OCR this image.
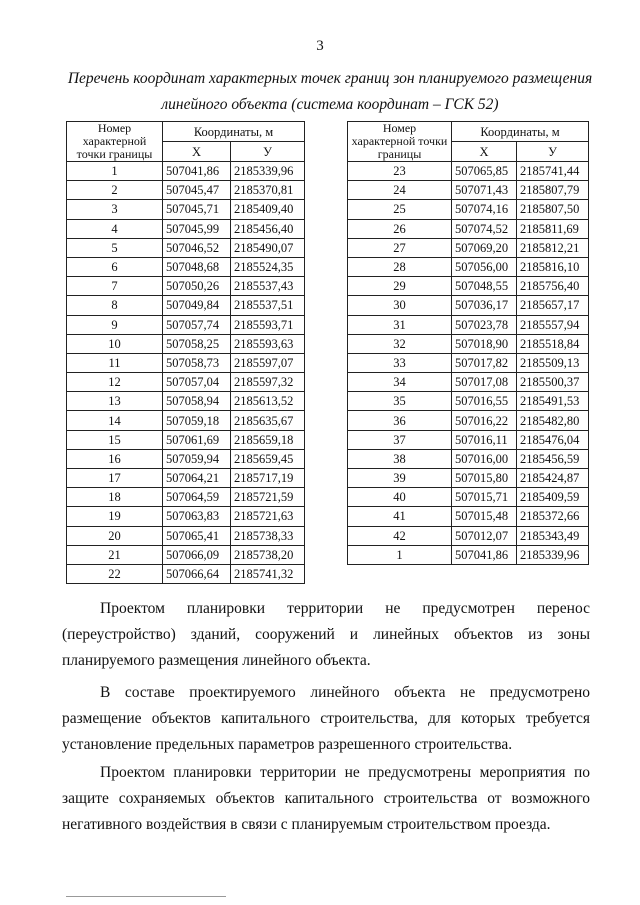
3
Перечень координат характерных точек границ зон планируемого размещения
линейного объекта (система координат – ГСК 52)
Номер характерной точки границы	Координаты, м	
	X	У
1	507041,86	2185339,96
2	507045,47	2185370,81
3	507045,71	2185409,40
4	507045,99	2185456,40
5	507046,52	2185490,07
6	507048,68	2185524,35
7	507050,26	2185537,43
8	507049,84	2185537,51
9	507057,74	2185593,71
10	507058,25	2185593,63
11	507058,73	2185597,07
12	507057,04	2185597,32
13	507058,94	2185613,52
14	507059,18	2185635,67
15	507061,69	2185659,18
16	507059,94	2185659,45
17	507064,21	2185717,19
18	507064,59	2185721,59
19	507063,83	2185721,63
20	507065,41	2185738,33
21	507066,09	2185738,20
22	507066,64	2185741,32
Номер характерной точки границы	Координаты, м	
	X	У
23	507065,85	2185741,44
24	507071,43	2185807,79
25	507074,16	2185807,50
26	507074,52	2185811,69
27	507069,20	2185812,21
28	507056,00	2185816,10
29	507048,55	2185756,40
30	507036,17	2185657,17
31	507023,78	2185557,94
32	507018,90	2185518,84
33	507017,82	2185509,13
34	507017,08	2185500,37
35	507016,55	2185491,53
36	507016,22	2185482,80
37	507016,11	2185476,04
38	507016,00	2185456,59
39	507015,80	2185424,87
40	507015,71	2185409,59
41	507015,48	2185372,66
42	507012,07	2185343,49
1	507041,86	2185339,96
Проектом планировки территории не предусмотрен перенос (переустройство) зданий, сооружений и линейных объектов из зоны планируемого размещения линейного объекта.
В составе проектируемого линейного объекта не предусмотрено размещение объектов капитального строительства, для которых требуется установление предельных параметров разрешенного строительства.
Проектом планировки территории не предусмотрены мероприятия по защите сохраняемых объектов капитального строительства от возможного негативного воздействия в связи с планируемым строительством проезда.
